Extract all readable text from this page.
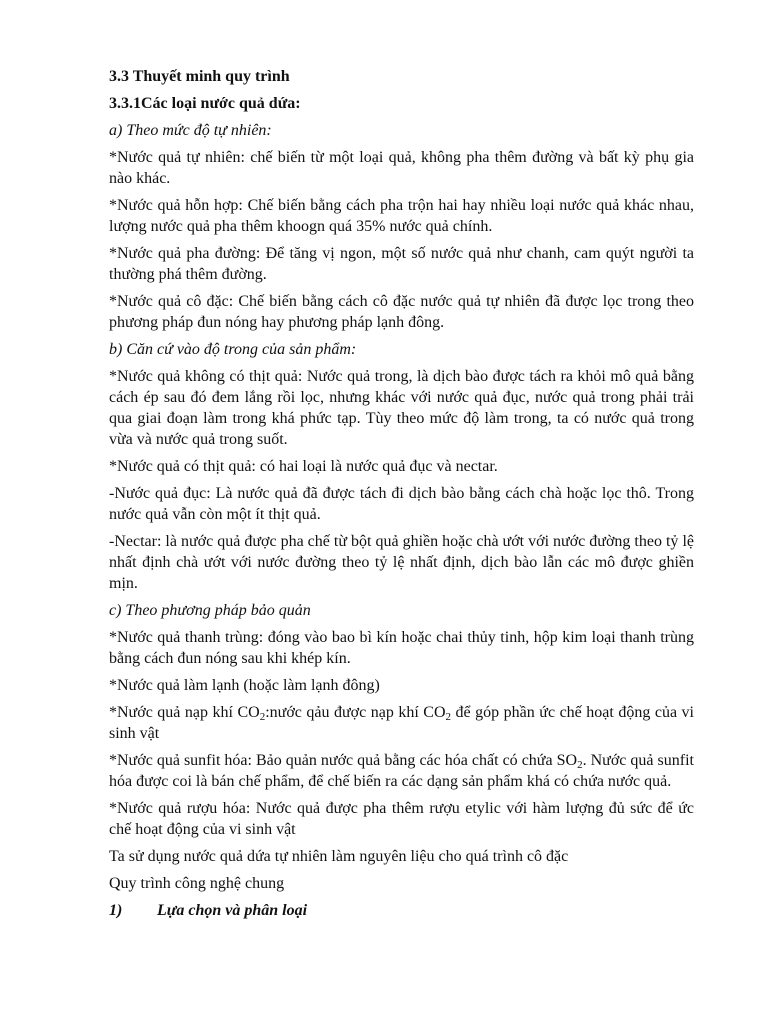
3.3 Thuyết minh quy trình

3.3.1Các loại nước quả dứa:

a) Theo mức độ tự nhiên:

*Nước quả tự nhiên: chế biến từ một loại quả, không pha thêm đường và bất kỳ phụ gia nào khác.

*Nước quả hỗn hợp: Chế biến bằng cách pha trộn hai hay nhiều loại nước quả khác nhau, lượng nước quả pha thêm khoogn quá 35% nước quả chính.

*Nước quả pha đường: Để tăng vị ngon, một số nước quả như chanh, cam quýt người ta thường phá thêm đường.

*Nước quả cô đặc: Chế biến bằng cách cô đặc nước quả tự nhiên đã được lọc trong theo phương pháp đun nóng hay phương pháp lạnh đông.

b) Căn cứ vào độ trong của sản phẩm:

*Nước quả không có thịt quả: Nước quả trong, là dịch bào được tách ra khỏi mô quả bằng cách ép sau đó đem lắng rồi lọc, nhưng khác với nước quả đục, nước quả trong phải trải qua giai đoạn làm trong khá phức tạp. Tùy theo mức độ làm trong, ta có nước quả trong vừa và nước quả trong suốt.

*Nước quả có thịt quả: có hai loại là nước quả đục và nectar.

-Nước quả đục: Là nước quả đã được tách đi dịch bào bằng cách chà hoặc lọc thô. Trong nước quả vẫn còn một ít thịt quả.

-Nectar: là nước quả được pha chế từ bột quả ghiền hoặc chà ướt với nước đường theo tỷ lệ nhất định chà ướt với nước đường theo tỷ lệ nhất định, dịch bào lẫn các mô được ghiền mịn.

c) Theo phương pháp bảo quản

*Nước quả thanh trùng: đóng vào bao bì kín hoặc chai thủy tinh, hộp kim loại thanh trùng bằng cách đun nóng sau khi khép kín.

*Nước quả làm lạnh (hoặc làm lạnh đông)

*Nước quả nạp khí $CO_2:nước$ qảu được nạp khí $CO_2$ để góp phần ức chế hoạt động của vi sinh vật

*Nước quả sunfit hóa: Bảo quản nước quả bằng các hóa chất có chứa $SO_2$. Nước quả sunfit hóa được coi là bán chế phẩm, để chế biến ra các dạng sản phẩm khá có chứa nước quả.

*Nước quả rượu hóa: Nước quả được pha thêm rượu etylic với hàm lượng đủ sức để ức chế hoạt động của vi sinh vật

Ta sử dụng nước quả dứa tự nhiên làm nguyên liệu cho quá trình cô đặc

Quy trình công nghệ chung

1)	Lựa chọn và phân loại
